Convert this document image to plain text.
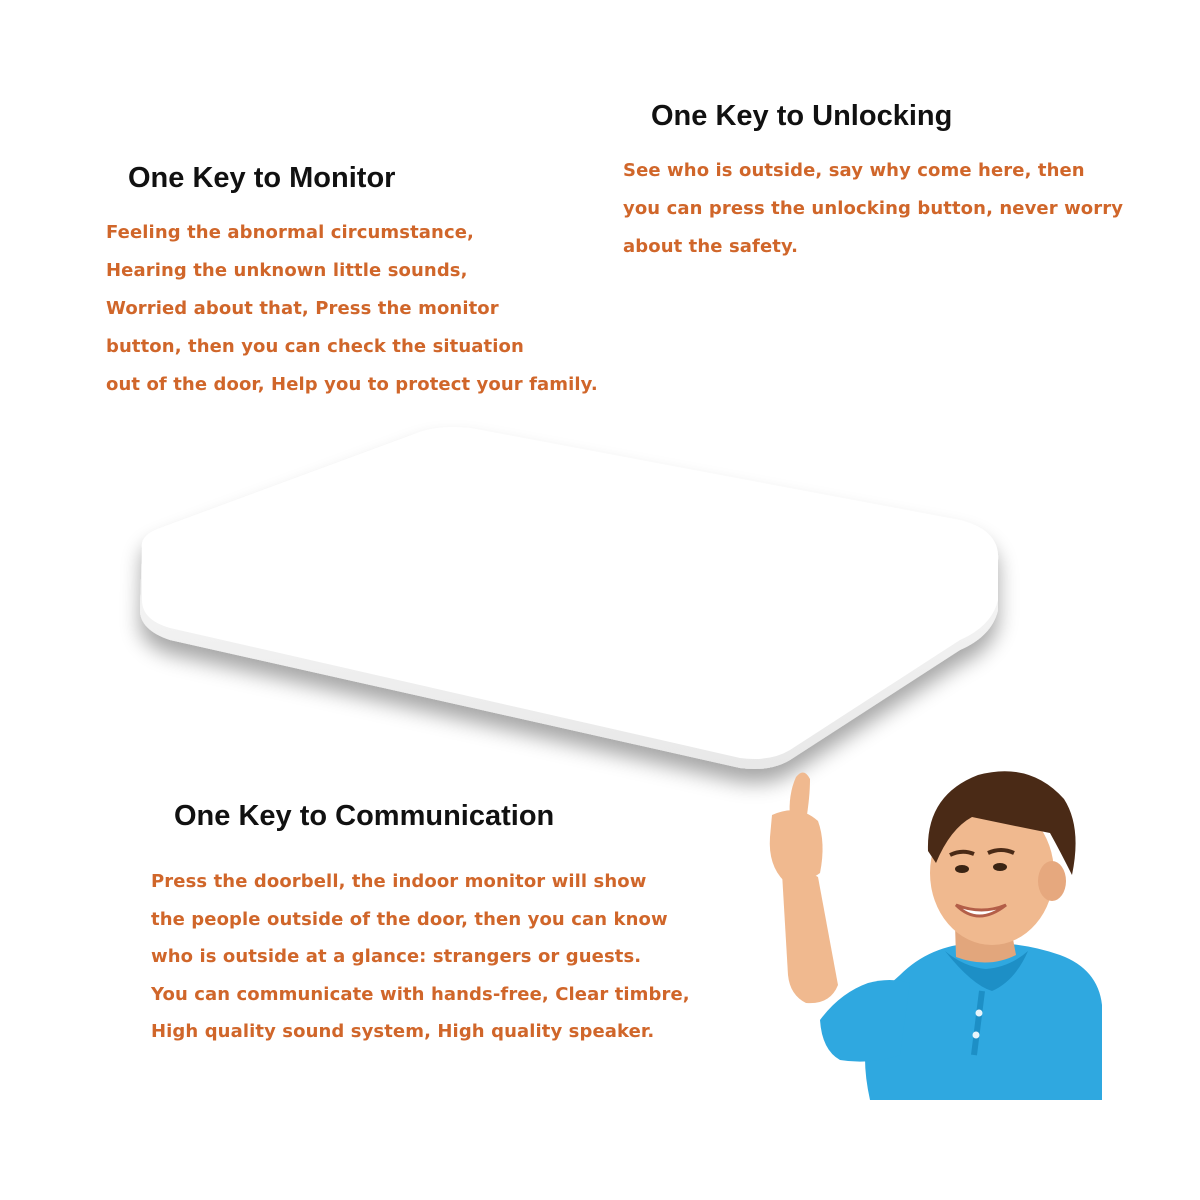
One Key to Monitor

Feeling the abnormal circumstance,

Hearing the unknown little sounds,

Worried about that, Press the monitor

button, then you can check the situation

out of the door, Help you to protect your family.

One Key to Unlocking

See who is outside, say why come here, then

you can press the unlocking button, never worry

about the safety.

One Key to Communication

Press the doorbell, the indoor monitor will show

the people outside of the door, then you can know

who is outside at a glance: strangers or guests.

You can communicate with hands-free, Clear timbre,

High quality sound system, High quality speaker.
